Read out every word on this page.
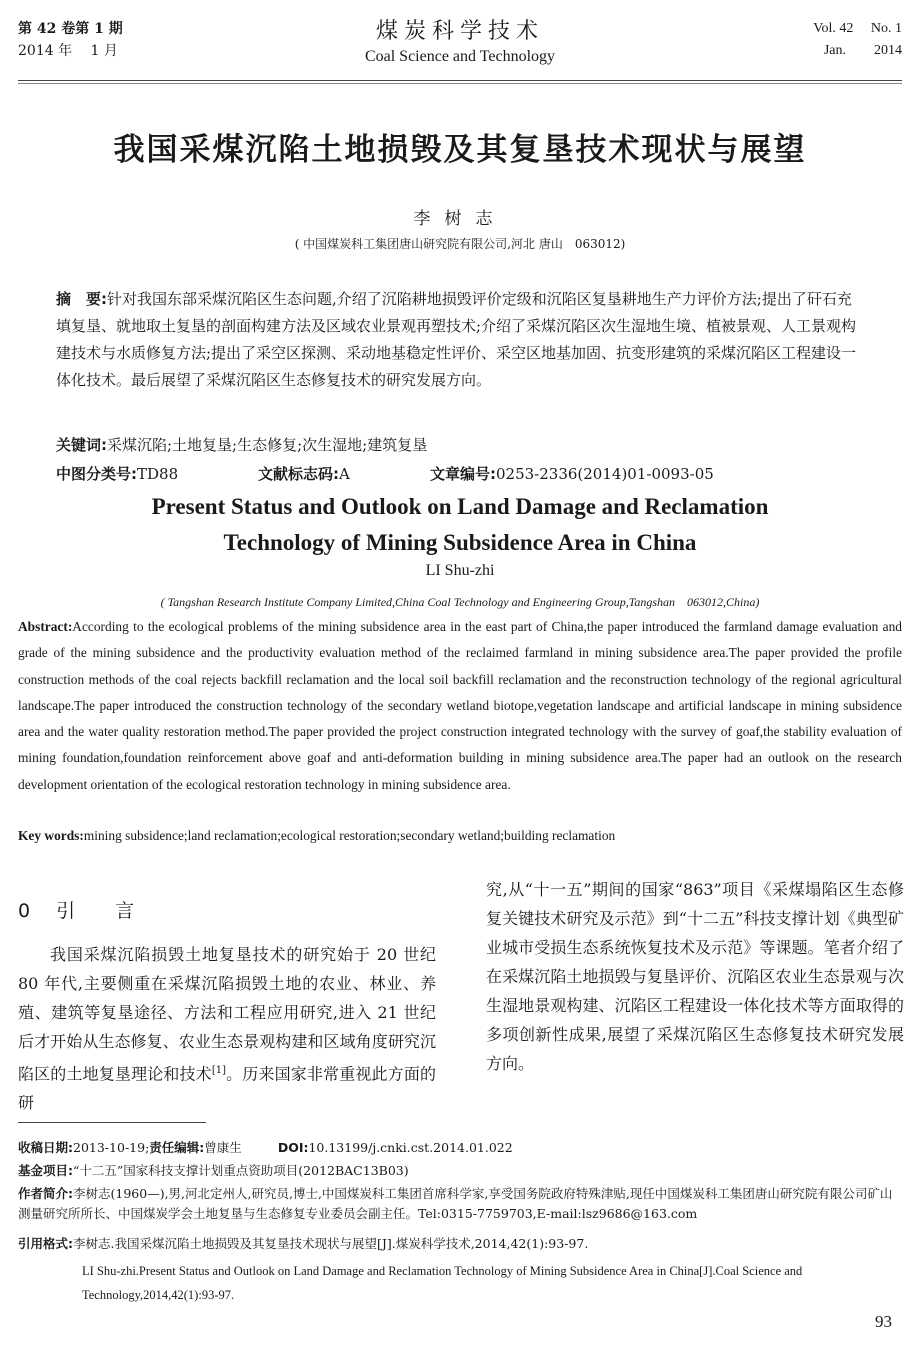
第 42 卷第 1 期
2014 年　 1 月
煤炭科学技术
Coal Science and Technology
Vol. 42　 No. 1
Jan.　　2014
我国采煤沉陷土地损毁及其复垦技术现状与展望
李树志
( 中国煤炭科工集团唐山研究院有限公司,河北 唐山　063012)
摘　要:针对我国东部采煤沉陷区生态问题,介绍了沉陷耕地损毁评价定级和沉陷区复垦耕地生产力评价方法;提出了矸石充填复垦、就地取土复垦的剖面构建方法及区域农业景观再塑技术;介绍了采煤沉陷区次生湿地生境、植被景观、人工景观构建技术与水质修复方法;提出了采空区探测、采动地基稳定性评价、采空区地基加固、抗变形建筑的采煤沉陷区工程建设一体化技术。最后展望了采煤沉陷区生态修复技术的研究发展方向。
关键词:采煤沉陷;土地复垦;生态修复;次生湿地;建筑复垦
中图分类号:TD88	文献标志码:A	文章编号:0253-2336(2014)01-0093-05
Present Status and Outlook on Land Damage and Reclamation
Technology of Mining Subsidence Area in China
LI Shu-zhi
( Tangshan Research Institute Company Limited,China Coal Technology and Engineering Group,Tangshan　063012,China)
Abstract:According to the ecological problems of the mining subsidence area in the east part of China,the paper introduced the farmland damage evaluation and grade of the mining subsidence and the productivity evaluation method of the reclaimed farmland in mining subsidence area.The paper provided the profile construction methods of the coal rejects backfill reclamation and the local soil backfill reclamation and the reconstruction technology of the regional agricultural landscape.The paper introduced the construction technology of the secondary wetland biotope,vegetation landscape and artificial landscape in mining subsidence area and the water quality restoration method.The paper provided the project construction integrated technology with the survey of goaf,the stability evaluation of mining foundation,foundation reinforcement above goaf and anti-deformation building in mining subsidence area.The paper had an outlook on the research development orientation of the ecological restoration technology in mining subsidence area.
Key words:mining subsidence;land reclamation;ecological restoration;secondary wetland;building reclamation
0 引言
我国采煤沉陷损毁土地复垦技术的研究始于 20 世纪 80 年代,主要侧重在采煤沉陷损毁土地的农业、林业、养殖、建筑等复垦途径、方法和工程应用研究,进入 21 世纪后才开始从生态修复、农业生态景观构建和区域角度研究沉陷区的土地复垦理论和技术[1]。历来国家非常重视此方面的研
究,从“十一五”期间的国家“863”项目《采煤塌陷区生态修复关键技术研究及示范》到“十二五”科技支撑计划《典型矿业城市受损生态系统恢复技术及示范》等课题。笔者介绍了在采煤沉陷土地损毁与复垦评价、沉陷区农业生态景观与次生湿地景观构建、沉陷区工程建设一体化技术等方面取得的多项创新性成果,展望了采煤沉陷区生态修复技术研究发展方向。
收稿日期:2013-10-19;责任编辑:曾康生	DOI:10.13199/j.cnki.cst.2014.01.022
基金项目:“十二五”国家科技支撑计划重点资助项目(2012BAC13B03)
作者简介:李树志(1960—),男,河北定州人,研究员,博士,中国煤炭科工集团首席科学家,享受国务院政府特殊津贴,现任中国煤炭科工集团唐山研究院有限公司矿山测量研究所所长、中国煤炭学会土地复垦与生态修复专业委员会副主任。Tel:0315-7759703,E-mail:lsz9686@163.com
引用格式:李树志.我国采煤沉陷土地损毁及其复垦技术现状与展望[J].煤炭科学技术,2014,42(1):93-97.
LI Shu-zhi.Present Status and Outlook on Land Damage and Reclamation Technology of Mining Subsidence Area in China[J].Coal Science and Technology,2014,42(1):93-97.
93
